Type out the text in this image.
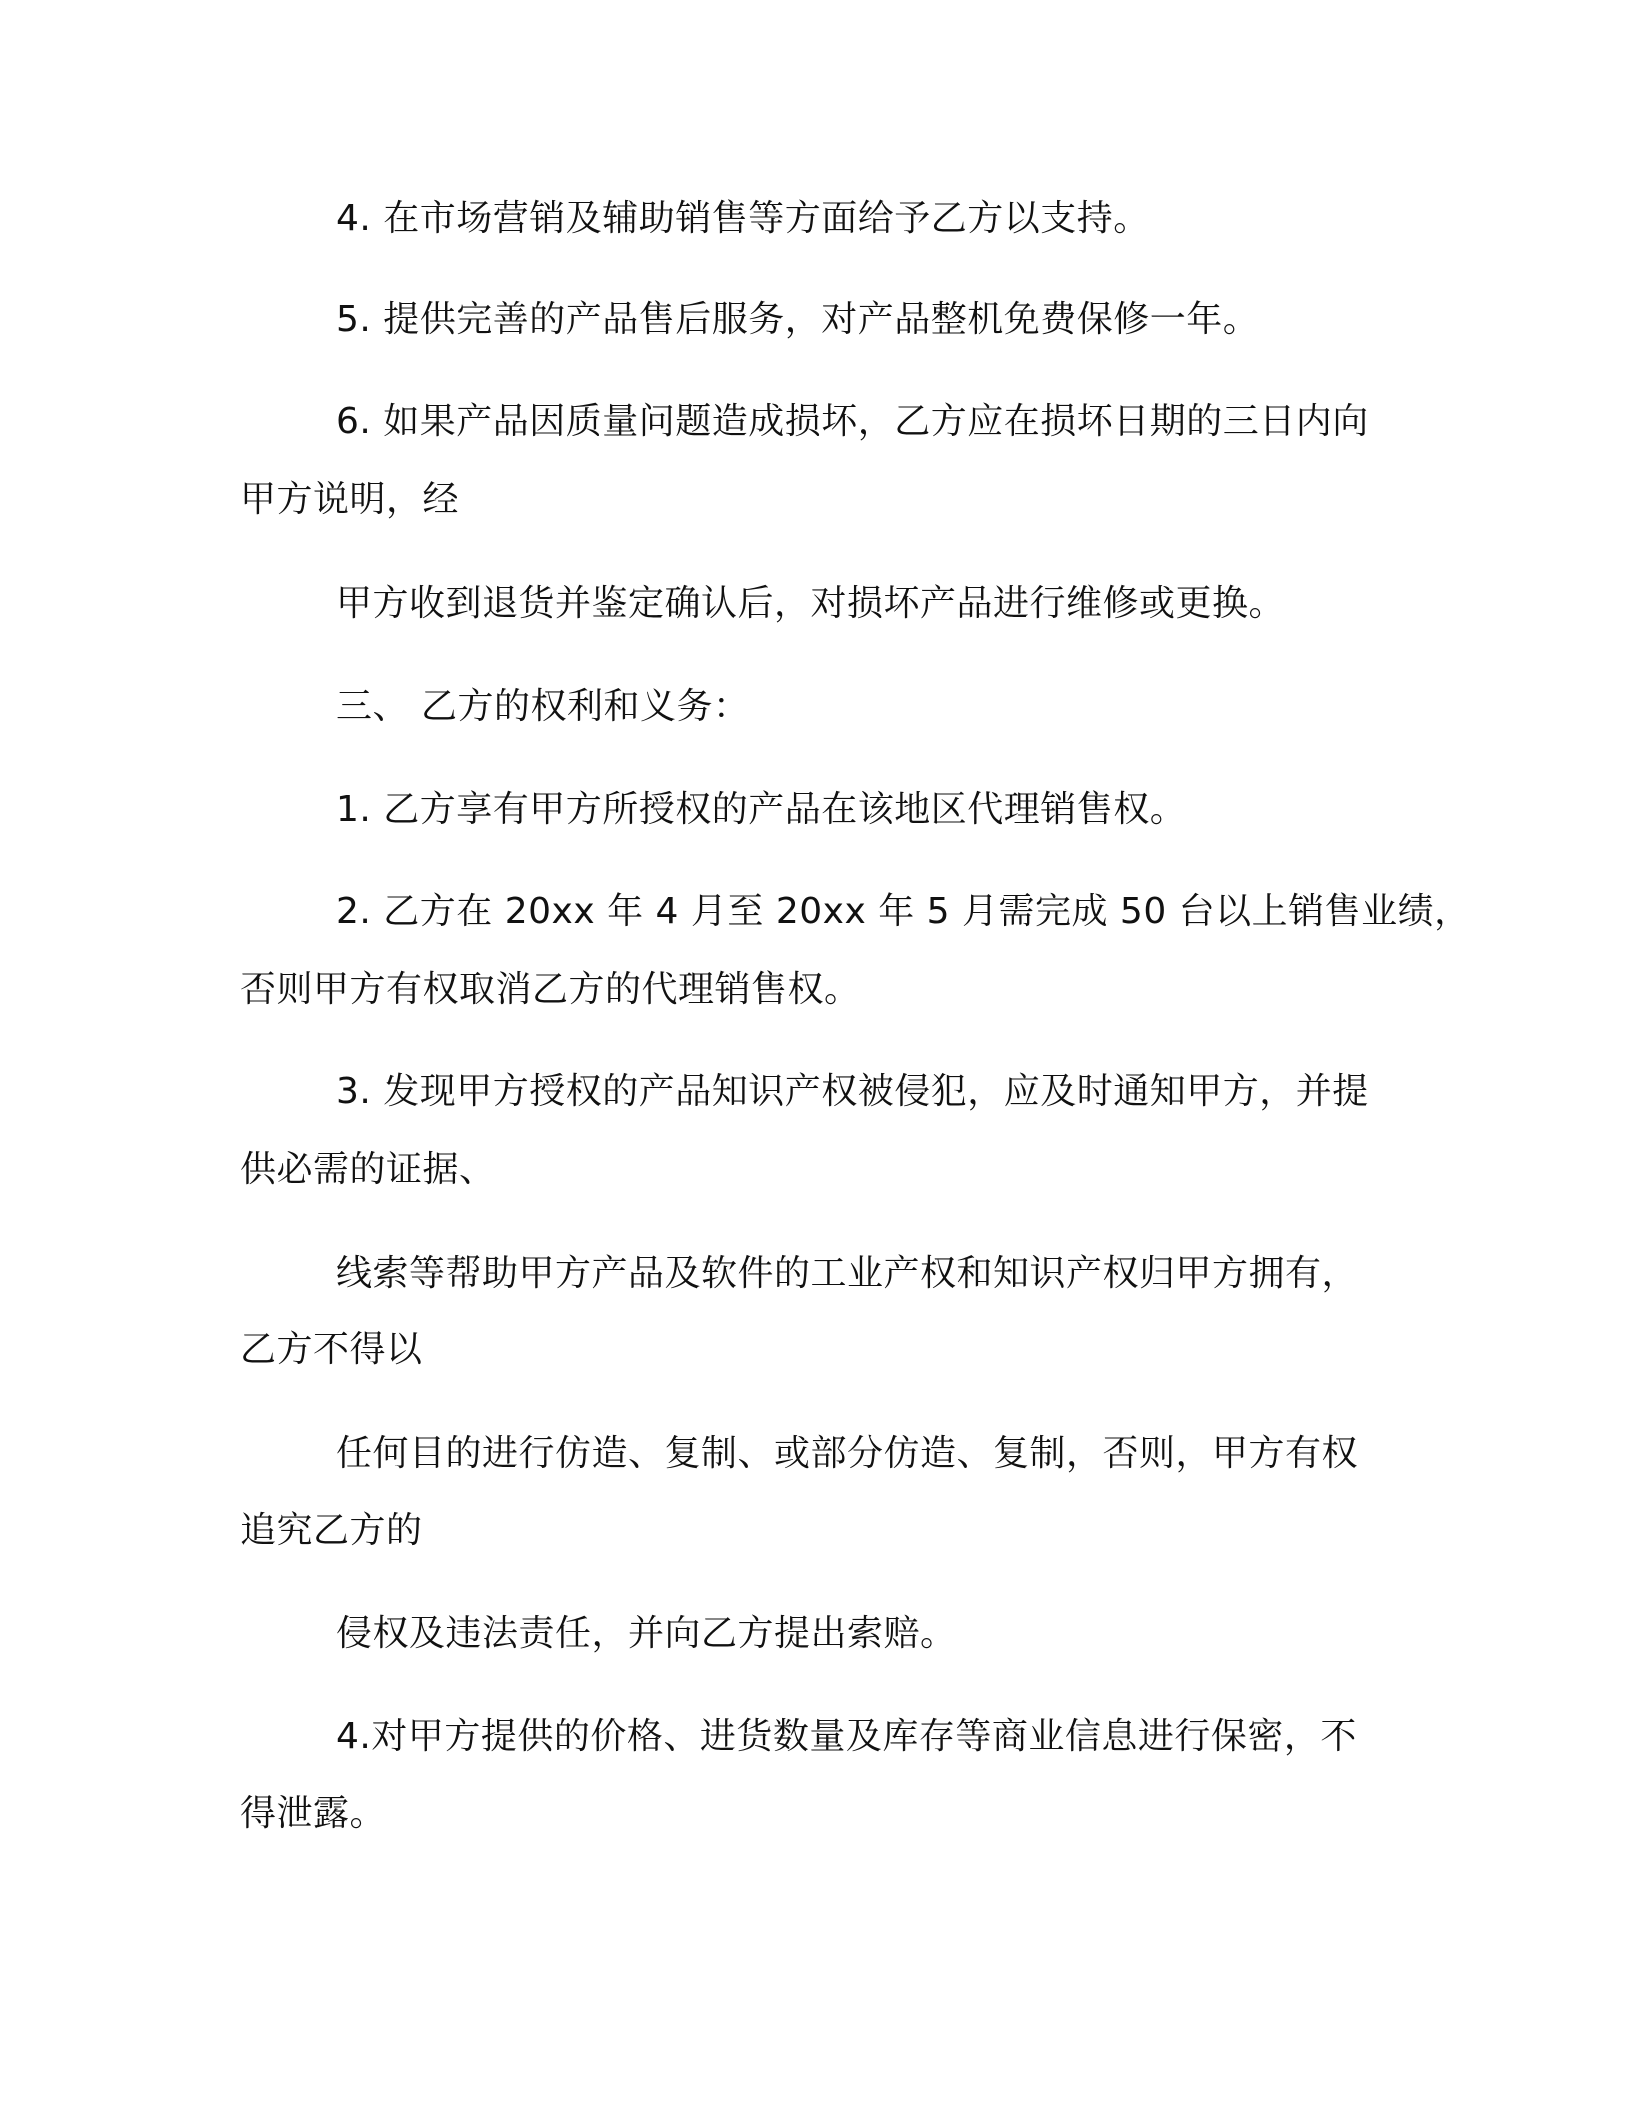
4. 在市场营销及辅助销售等方面给予乙方以支持。
5. 提供完善的产品售后服务，对产品整机免费保修一年。
6. 如果产品因质量问题造成损坏，乙方应在损坏日期的三日内向
甲方说明，经
甲方收到退货并鉴定确认后，对损坏产品进行维修或更换。
三、 乙方的权利和义务：
1. 乙方享有甲方所授权的产品在该地区代理销售权。
2. 乙方在 20xx 年 4 月至 20xx 年 5 月需完成 50 台以上销售业绩，
否则甲方有权取消乙方的代理销售权。
3. 发现甲方授权的产品知识产权被侵犯，应及时通知甲方，并提
供必需的证据、
线索等帮助甲方产品及软件的工业产权和知识产权归甲方拥有，
乙方不得以
任何目的进行仿造、复制、或部分仿造、复制，否则，甲方有权
追究乙方的
侵权及违法责任，并向乙方提出索赔。
4.对甲方提供的价格、进货数量及库存等商业信息进行保密，不
得泄露。
